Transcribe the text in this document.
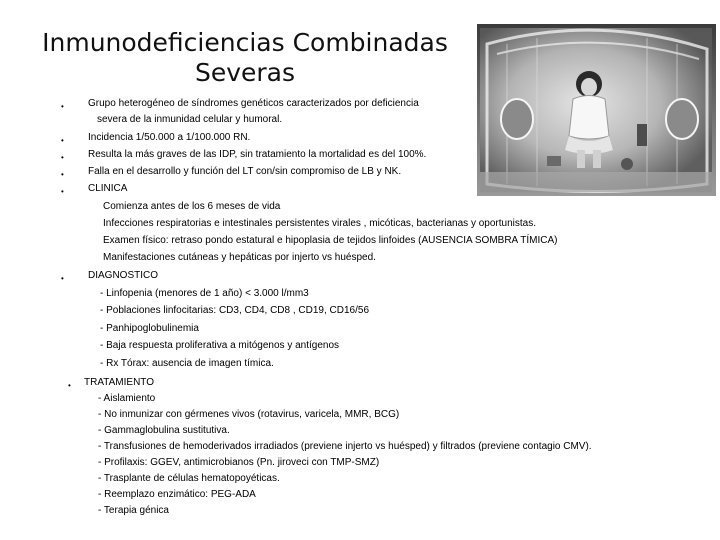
Inmunodeficiencias Combinadas
Severas
• Grupo heterogéneo de síndromes genéticos caracterizados por deficiencia
severa de la inmunidad celular y humoral.
• Incidencia 1/50.000 a 1/100.000 RN.
• Resulta la más graves de las IDP, sin tratamiento la mortalidad es del 100%.
• Falla en el desarrollo y función del LT con/sin compromiso de LB y NK.
• CLINICA
Comienza antes de los 6 meses de vida
Infecciones respiratorias e intestinales persistentes virales , micóticas, bacterianas y oportunistas.
Examen físico: retraso pondo estatural e hipoplasia de tejidos linfoides (AUSENCIA SOMBRA TÍMICA)
Manifestaciones cutáneas y hepáticas por injerto vs huésped.
• DIAGNOSTICO
- Linfopenia (menores de 1 año) < 3.000 l/mm3
- Poblaciones linfocitarias: CD3, CD4, CD8 , CD19, CD16/56
- Panhipoglobulinemia
- Baja respuesta proliferativa a mitógenos y antígenos
- Rx Tórax: ausencia de imagen tímica.
• TRATAMIENTO
- Aislamiento
- No inmunizar con gérmenes vivos (rotavirus, varicela, MMR, BCG)
- Gammaglobulina sustitutiva.
- Transfusiones de hemoderivados irradiados (previene injerto vs huésped) y filtrados (previene contagio CMV).
- Profilaxis: GGEV, antimicrobianos (Pn. jiroveci con TMP-SMZ)
- Trasplante de células hematopoyéticas.
- Reemplazo enzimático: PEG-ADA
- Terapia génica
